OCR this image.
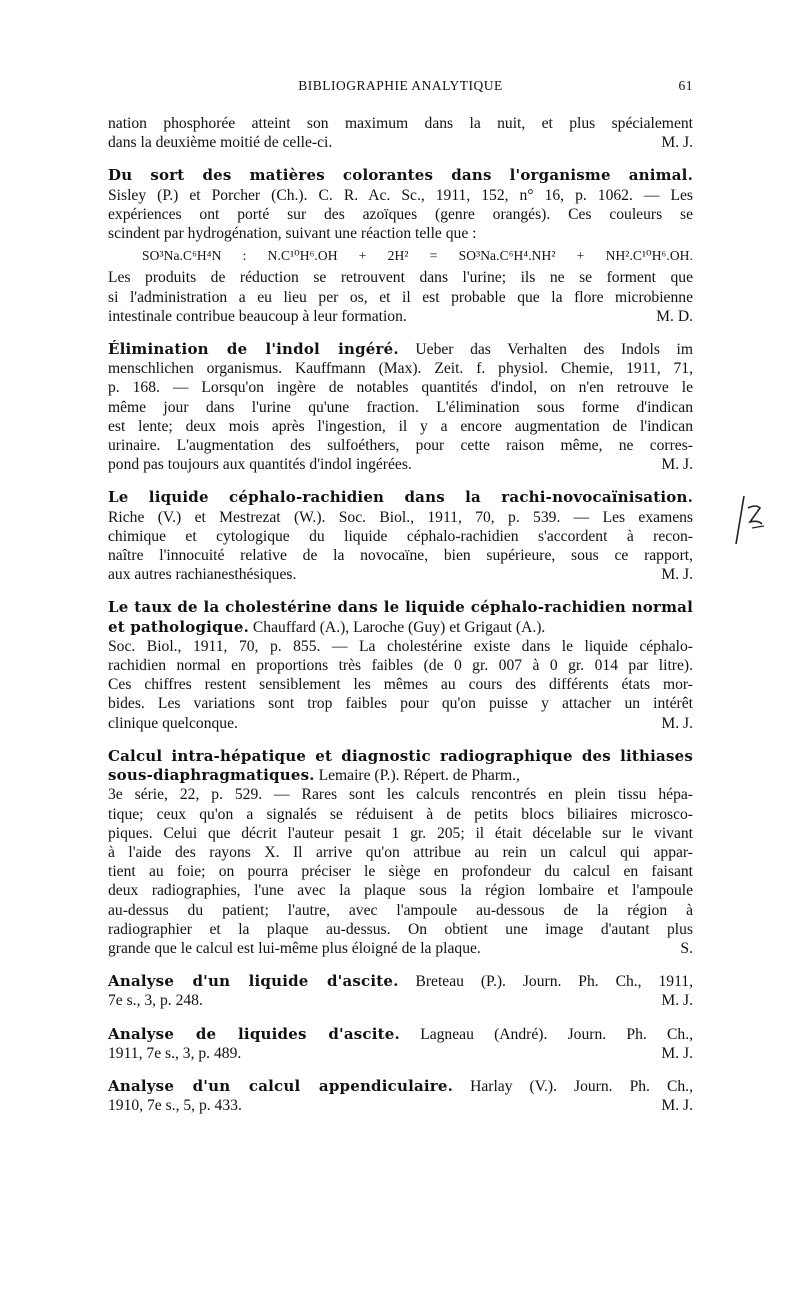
BIBLIOGRAPHIE ANALYTIQUE	61
nation phosphorée atteint son maximum dans la nuit, et plus spécialement
dans la deuxième moitié de celle-ci.	M. J.
Du sort des matières colorantes dans l'organisme animal.
Sisley (P.) et Porcher (Ch.). C. R. Ac. Sc., 1911, 152, n° 16, p. 1062. — Les
expériences ont porté sur des azoïques (genre orangés). Ces couleurs se
scindent par hydrogénation, suivant une réaction telle que :
SO³Na.C⁶H⁴N : N.C¹⁰H⁶.OH + 2H² = SO³Na.C⁶H⁴.NH² + NH².C¹⁰H⁶.OH.
Les produits de réduction se retrouvent dans l'urine; ils ne se forment que
si l'administration a eu lieu per os, et il est probable que la flore microbienne
intestinale contribue beaucoup à leur formation.	M. D.
Élimination de l'indol ingéré. Ueber das Verhalten des Indols im
menschlichen organismus. Kauffmann (Max). Zeit. f. physiol. Chemie, 1911, 71,
p. 168. — Lorsqu'on ingère de notables quantités d'indol, on n'en retrouve le
même jour dans l'urine qu'une fraction. L'élimination sous forme d'indican
est lente; deux mois après l'ingestion, il y a encore augmentation de l'indican
urinaire. L'augmentation des sulfoéthers, pour cette raison même, ne corres-
pond pas toujours aux quantités d'indol ingérées.	M. J.
Le liquide céphalo-rachidien dans la rachi-novocaïnisation.
Riche (V.) et Mestrezat (W.). Soc. Biol., 1911, 70, p. 539. — Les examens
chimique et cytologique du liquide céphalo-rachidien s'accordent à recon-
naître l'innocuité relative de la novocaïne, bien supérieure, sous ce rapport,
aux autres rachianesthésiques.	M. J.
Le taux de la cholestérine dans le liquide céphalo-rachidien normal et pathologique. Chauffard (A.), Laroche (Guy) et Grigaut (A.).
Soc. Biol., 1911, 70, p. 855. — La cholestérine existe dans le liquide céphalo-
rachidien normal en proportions très faibles (de 0 gr. 007 à 0 gr. 014 par litre).
Ces chiffres restent sensiblement les mêmes au cours des différents états mor-
bides. Les variations sont trop faibles pour qu'on puisse y attacher un intérêt
clinique quelconque.	M. J.
Calcul intra-hépatique et diagnostic radiographique des lithiases sous-diaphragmatiques. Lemaire (P.). Répert. de Pharm.,
3e série, 22, p. 529. — Rares sont les calculs rencontrés en plein tissu hépa-
tique; ceux qu'on a signalés se réduisent à de petits blocs biliaires microsco-
piques. Celui que décrit l'auteur pesait 1 gr. 205; il était décelable sur le vivant
à l'aide des rayons X. Il arrive qu'on attribue au rein un calcul qui appar-
tient au foie; on pourra préciser le siège en profondeur du calcul en faisant
deux radiographies, l'une avec la plaque sous la région lombaire et l'ampoule
au-dessus du patient; l'autre, avec l'ampoule au-dessous de la région à
radiographier et la plaque au-dessus. On obtient une image d'autant plus
grande que le calcul est lui-même plus éloigné de la plaque.	S.
Analyse d'un liquide d'ascite. Breteau (P.). Journ. Ph. Ch., 1911,
7e s., 3, p. 248.	M. J.
Analyse de liquides d'ascite. Lagneau (André). Journ. Ph. Ch.,
1911, 7e s., 3, p. 489.	M. J.
Analyse d'un calcul appendiculaire. Harlay (V.). Journ. Ph. Ch.,
1910, 7e s., 5, p. 433.	M. J.
